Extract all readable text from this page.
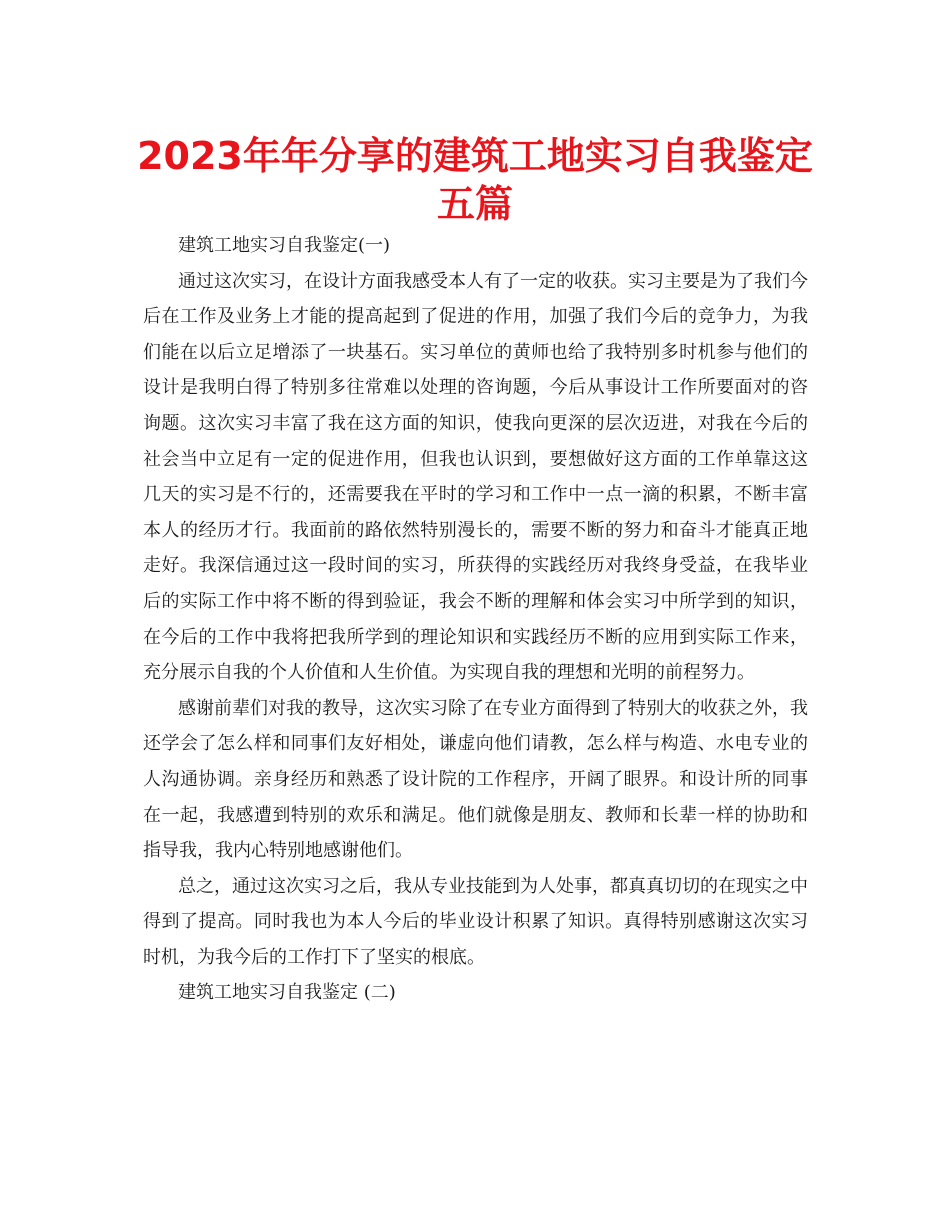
2023年年分享的建筑工地实习自我鉴定五篇

建筑工地实习自我鉴定(一)

通过这次实习，在设计方面我感受本人有了一定的收获。实习主要是为了我们今后在工作及业务上才能的提高起到了促进的作用，加强了我们今后的竞争力，为我们能在以后立足增添了一块基石。实习单位的黄师也给了我特别多时机参与他们的设计是我明白得了特别多往常难以处理的咨询题，今后从事设计工作所要面对的咨询题。这次实习丰富了我在这方面的知识，使我向更深的层次迈进，对我在今后的社会当中立足有一定的促进作用，但我也认识到，要想做好这方面的工作单靠这这几天的实习是不行的，还需要我在平时的学习和工作中一点一滴的积累，不断丰富本人的经历才行。我面前的路依然特别漫长的，需要不断的努力和奋斗才能真正地走好。我深信通过这一段时间的实习，所获得的实践经历对我终身受益，在我毕业后的实际工作中将不断的得到验证，我会不断的理解和体会实习中所学到的知识，在今后的工作中我将把我所学到的理论知识和实践经历不断的应用到实际工作来，充分展示自我的个人价值和人生价值。为实现自我的理想和光明的前程努力。

感谢前辈们对我的教导，这次实习除了在专业方面得到了特别大的收获之外，我还学会了怎么样和同事们友好相处，谦虚向他们请教，怎么样与构造、水电专业的人沟通协调。亲身经历和熟悉了设计院的工作程序，开阔了眼界。和设计所的同事在一起，我感遭到特别的欢乐和满足。他们就像是朋友、教师和长辈一样的协助和指导我，我内心特别地感谢他们。

总之，通过这次实习之后，我从专业技能到为人处事，都真真切切的在现实之中得到了提高。同时我也为本人今后的毕业设计积累了知识。真得特别感谢这次实习时机，为我今后的工作打下了坚实的根底。

建筑工地实习自我鉴定 (二)
